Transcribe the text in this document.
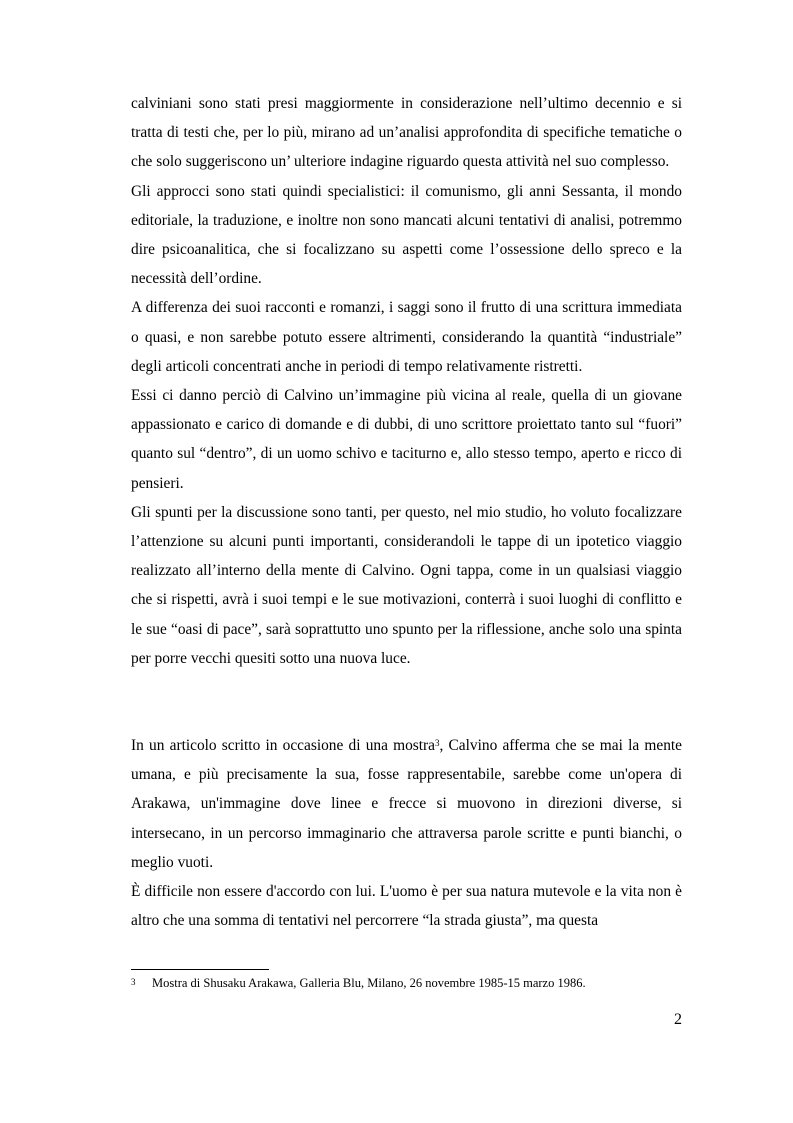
calviniani sono stati presi maggiormente in considerazione nell’ultimo decennio e si tratta di testi che, per lo più, mirano ad un’analisi approfondita di specifiche tematiche o che solo suggeriscono un’ ulteriore indagine riguardo questa attività nel suo complesso.

Gli approcci sono stati quindi specialistici: il comunismo, gli anni Sessanta, il mondo editoriale, la traduzione, e inoltre non sono mancati alcuni tentativi di analisi, potremmo dire psicoanalitica, che si focalizzano su aspetti come l’ossessione dello spreco e la necessità dell’ordine.

A differenza dei suoi racconti e romanzi, i saggi sono il frutto di una scrittura immediata o quasi, e non sarebbe potuto essere altrimenti, considerando la quantità “industriale” degli articoli concentrati anche in periodi di tempo relativamente ristretti.

Essi ci danno perciò di Calvino un’immagine più vicina al reale, quella di un giovane appassionato e carico di domande e di dubbi, di uno scrittore proiettato tanto sul “fuori” quanto sul “dentro”, di un uomo schivo e taciturno e, allo stesso tempo, aperto e ricco di pensieri.

Gli spunti per la discussione sono tanti, per questo, nel mio studio, ho voluto focalizzare l’attenzione su alcuni punti importanti, considerandoli le tappe di un ipotetico viaggio realizzato all’interno della mente di Calvino. Ogni tappa, come in un qualsiasi viaggio che si rispetti, avrà i suoi tempi e le sue motivazioni, conterrà i suoi luoghi di conflitto e le sue “oasi di pace”, sarà soprattutto uno spunto per la riflessione, anche solo una spinta per porre vecchi quesiti sotto una nuova luce.

In un articolo scritto in occasione di una mostra$^3$, Calvino afferma che se mai la mente umana, e più precisamente la sua, fosse rappresentabile, sarebbe come un'opera di Arakawa, un'immagine dove linee e frecce si muovono in direzioni diverse, si intersecano, in un percorso immaginario che attraversa parole scritte e punti bianchi, o meglio vuoti.

È difficile non essere d'accordo con lui. L'uomo è per sua natura mutevole e la vita non è altro che una somma di tentativi nel percorrere “la strada giusta”, ma questa

3 Mostra di Shusaku Arakawa, Galleria Blu, Milano, 26 novembre 1985-15 marzo 1986.
2
